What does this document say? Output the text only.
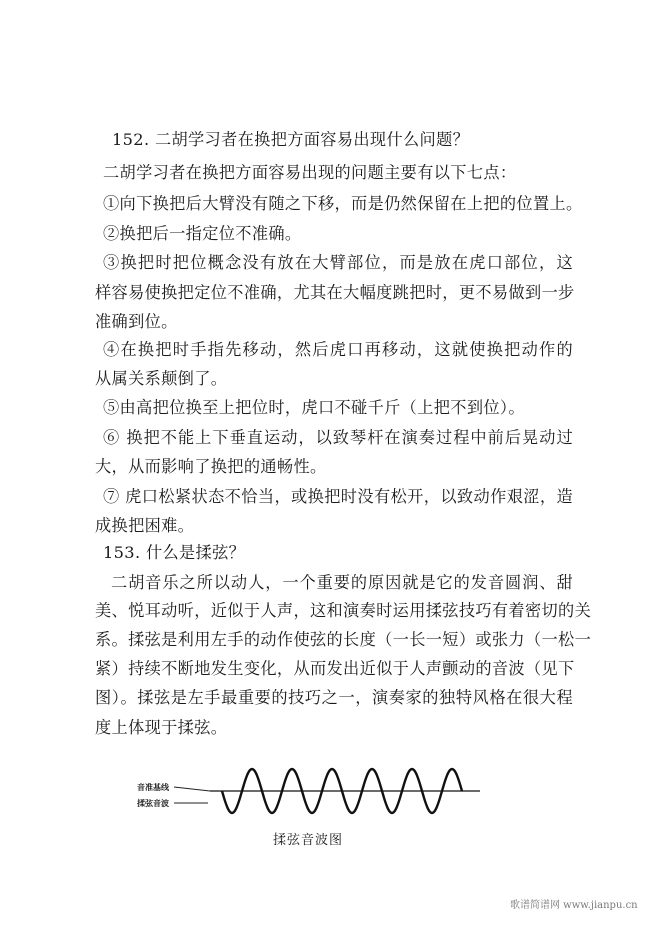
152. 二胡学习者在换把方面容易出现什么问题？
二胡学习者在换把方面容易出现的问题主要有以下七点：
①向下换把后大臂没有随之下移，而是仍然保留在上把的位置上。
②换把后一指定位不准确。
③换把时把位概念没有放在大臂部位，而是放在虎口部位，这
样容易使换把定位不准确，尤其在大幅度跳把时，更不易做到一步
准确到位。
④在换把时手指先移动，然后虎口再移动，这就使换把动作的
从属关系颠倒了。
⑤由高把位换至上把位时，虎口不碰千斤（上把不到位）。
⑥ 换把不能上下垂直运动，以致琴杆在演奏过程中前后晃动过
大，从而影响了换把的通畅性。
⑦ 虎口松紧状态不恰当，或换把时没有松开，以致动作艰涩，造
成换把困难。
153. 什么是揉弦？
二胡音乐之所以动人，一个重要的原因就是它的发音圆润、甜
美、悦耳动听，近似于人声，这和演奏时运用揉弦技巧有着密切的关
系。揉弦是利用左手的动作使弦的长度（一长一短）或张力（一松一
紧）持续不断地发生变化，从而发出近似于人声颤动的音波（见下
图）。揉弦是左手最重要的技巧之一，演奏家的独特风格在很大程
度上体现于揉弦。
音准基线
揉弦音波
揉弦音波图
歌谱简谱网 www.jianpu.cn
